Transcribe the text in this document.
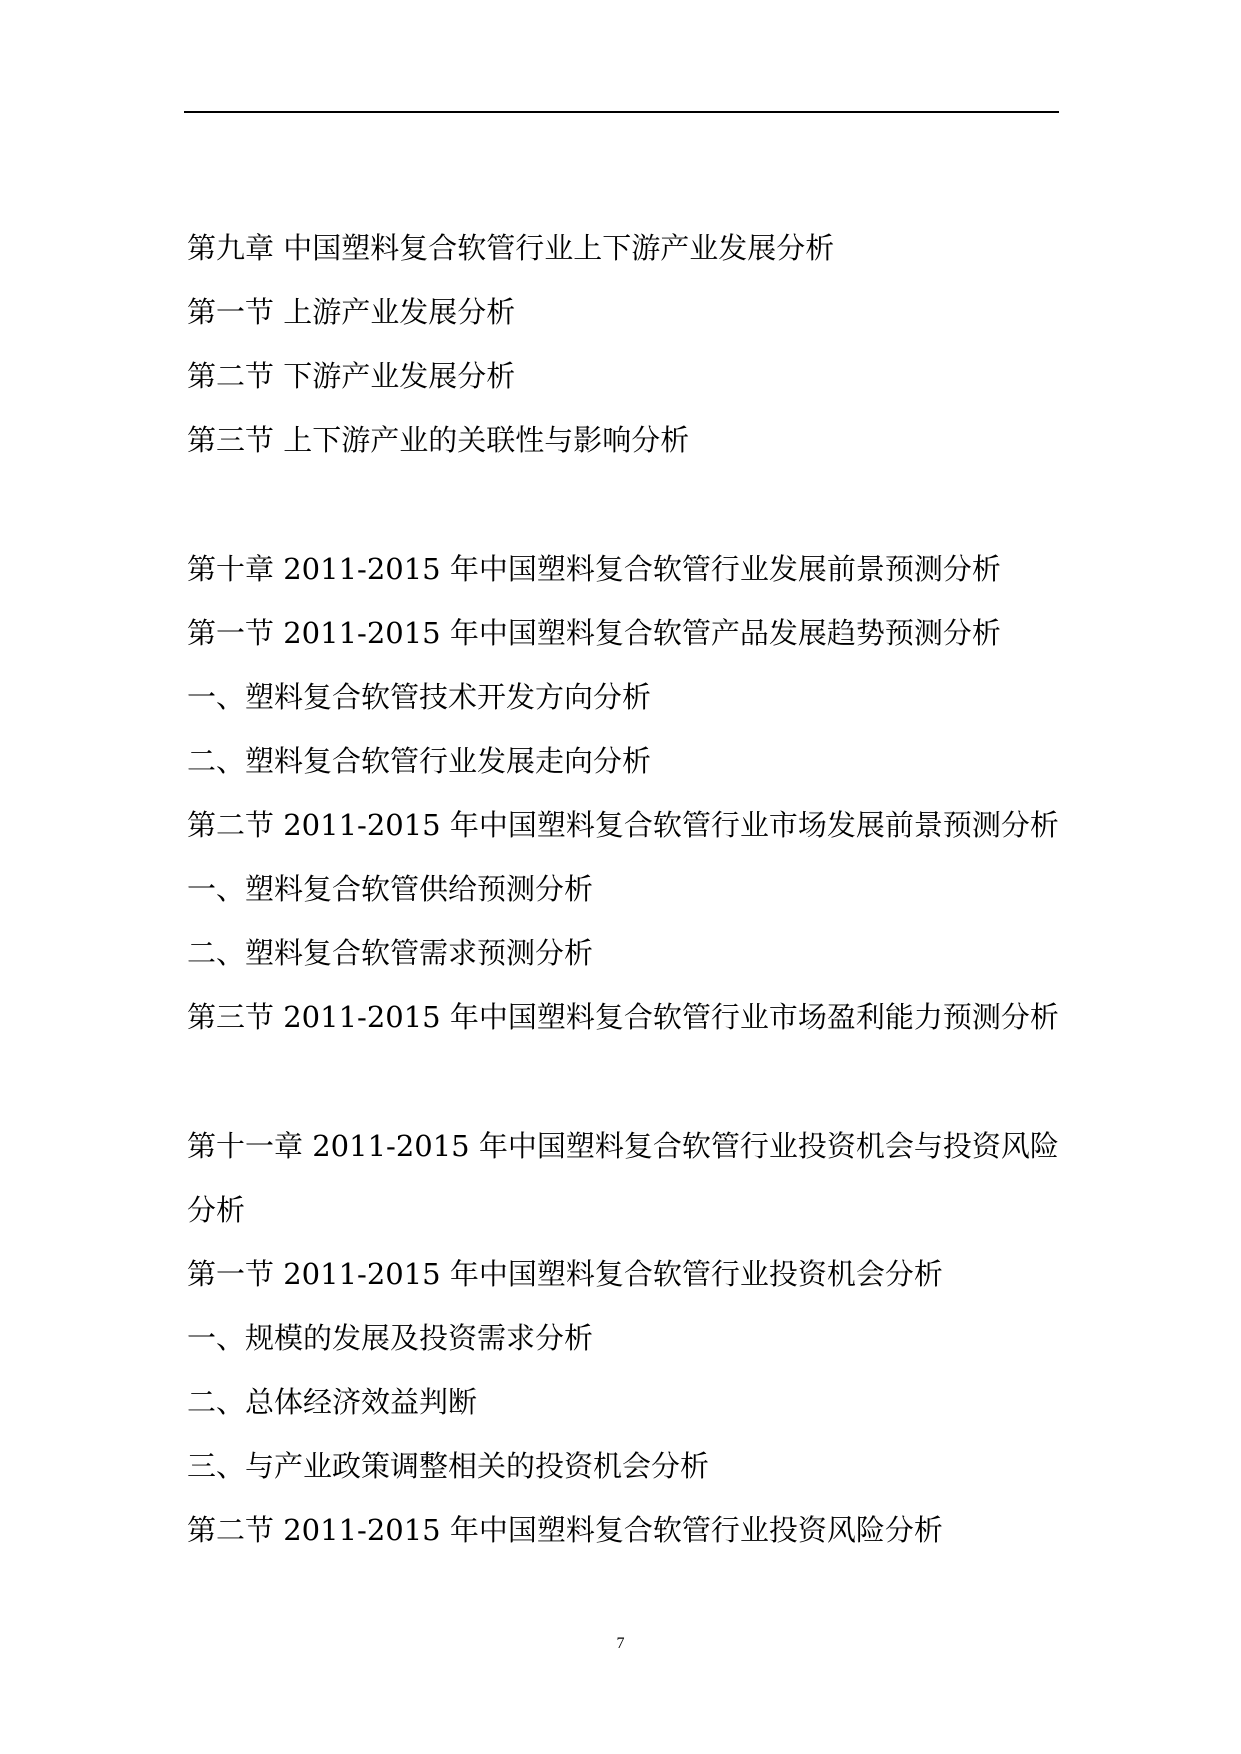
第九章 中国塑料复合软管行业上下游产业发展分析
第一节 上游产业发展分析
第二节 下游产业发展分析
第三节 上下游产业的关联性与影响分析
第十章 2011-2015 年中国塑料复合软管行业发展前景预测分析
第一节 2011-2015 年中国塑料复合软管产品发展趋势预测分析
一、塑料复合软管技术开发方向分析
二、塑料复合软管行业发展走向分析
第二节 2011-2015 年中国塑料复合软管行业市场发展前景预测分析
一、塑料复合软管供给预测分析
二、塑料复合软管需求预测分析
第三节 2011-2015 年中国塑料复合软管行业市场盈利能力预测分析
第十一章 2011-2015 年中国塑料复合软管行业投资机会与投资风险
分析
第一节 2011-2015 年中国塑料复合软管行业投资机会分析
一、规模的发展及投资需求分析
二、总体经济效益判断
三、与产业政策调整相关的投资机会分析
第二节 2011-2015 年中国塑料复合软管行业投资风险分析
7
